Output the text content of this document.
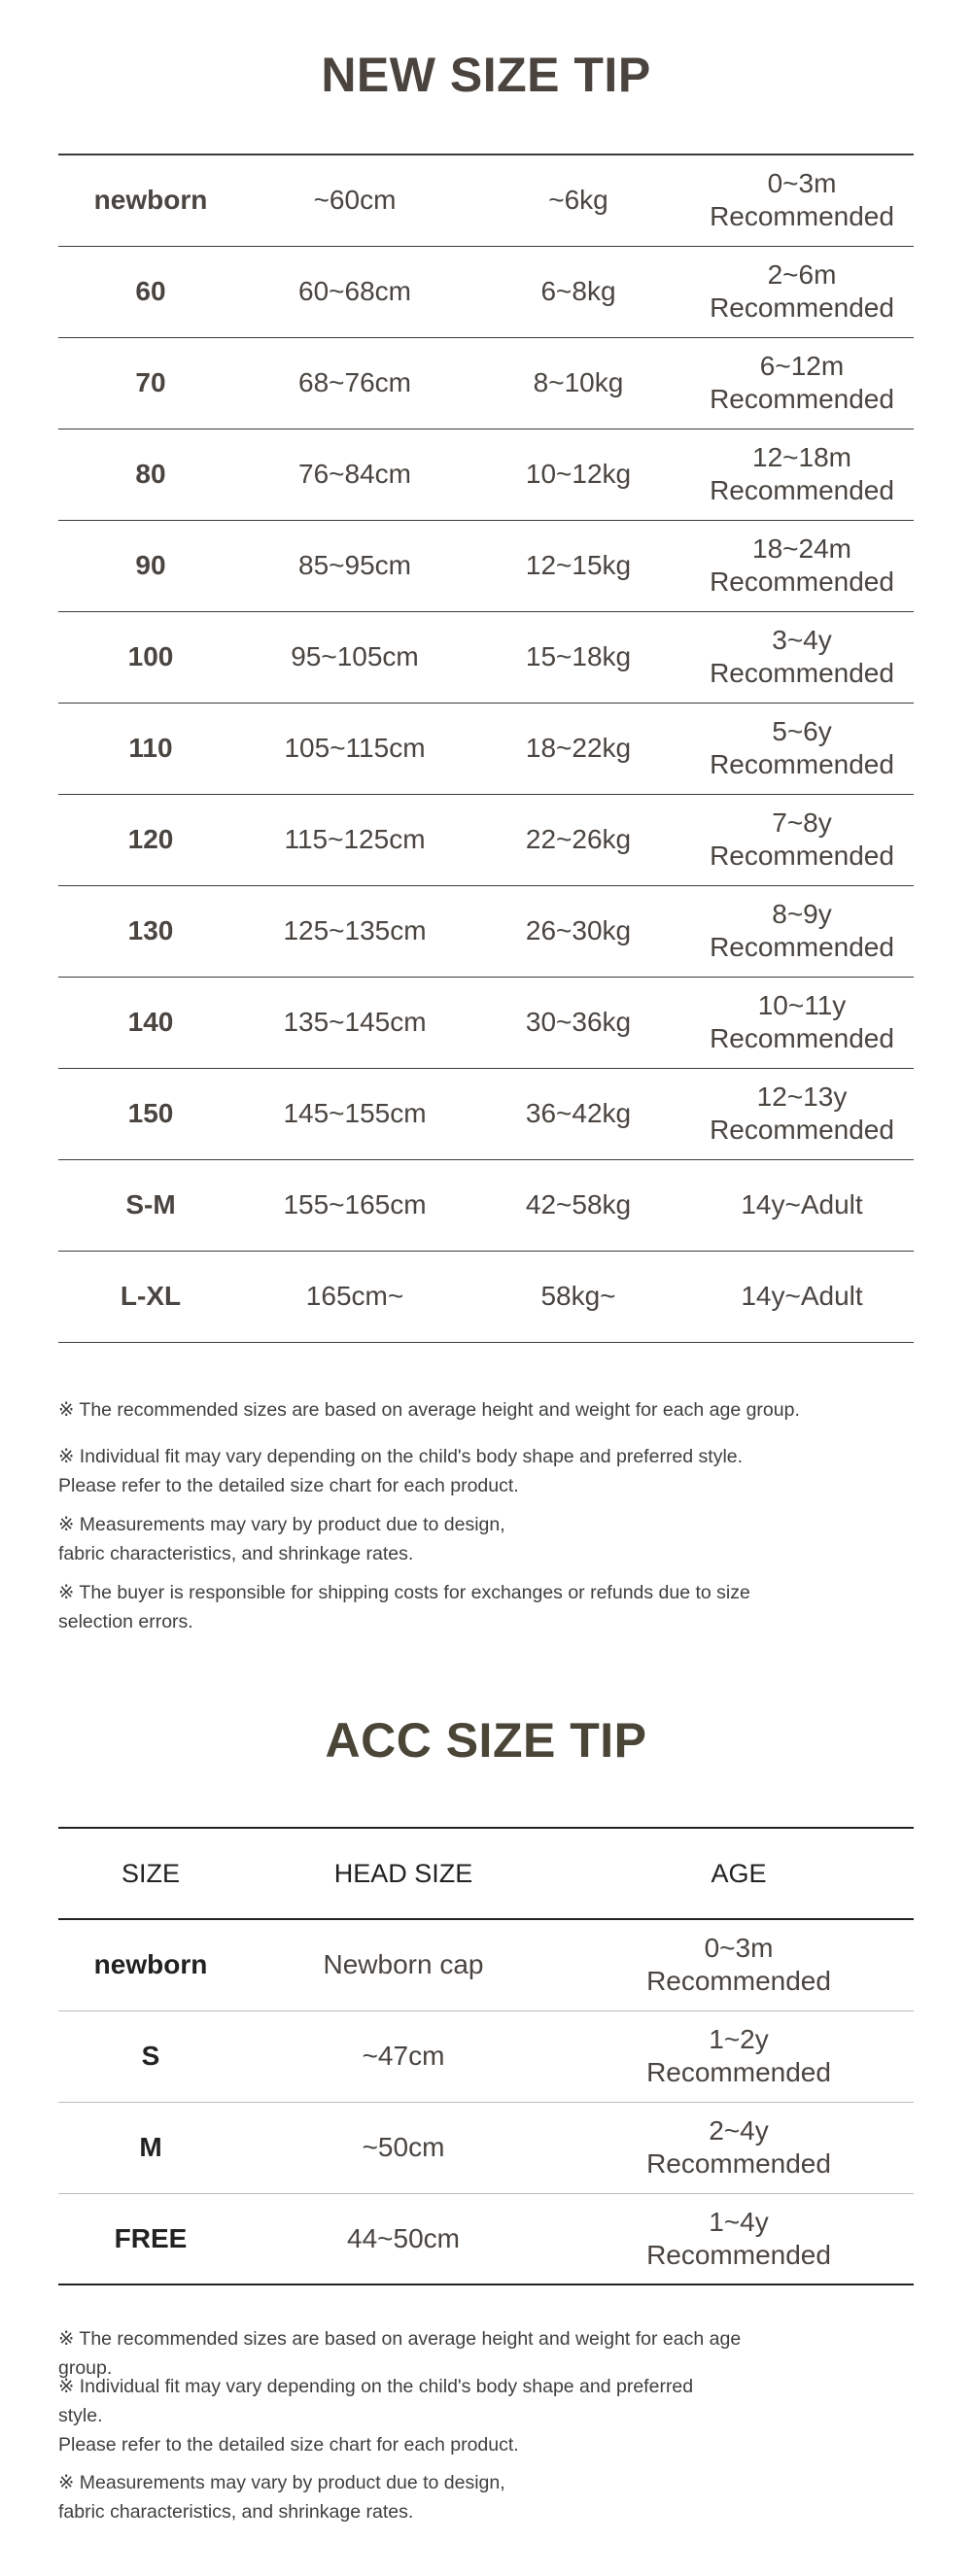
NEW SIZE TIP
newborn	~60cm	~6kg	0~3m
Recommended

60	60~68cm	6~8kg	2~6m
Recommended

70	68~76cm	8~10kg	6~12m
Recommended

80	76~84cm	10~12kg	12~18m
Recommended

90	85~95cm	12~15kg	18~24m
Recommended

100	95~105cm	15~18kg	3~4y
Recommended

110	105~115cm	18~22kg	5~6y
Recommended

120	115~125cm	22~26kg	7~8y
Recommended

130	125~135cm	26~30kg	8~9y
Recommended

140	135~145cm	30~36kg	10~11y
Recommended

150	145~155cm	36~42kg	12~13y
Recommended

S-M	155~165cm	42~58kg	14y~Adult

L-XL	165cm~	58kg~	14y~Adult
※ The recommended sizes are based on average height and weight for each age group.
※ Individual fit may vary depending on the child's body shape and preferred style.
Please refer to the detailed size chart for each product.
※ Measurements may vary by product due to design,
fabric characteristics, and shrinkage rates.
※ The buyer is responsible for shipping costs for exchanges or refunds due to size
selection errors.
ACC SIZE TIP
SIZE	HEAD SIZE	AGE
newborn	Newborn cap	0~3m
Recommended

S	~47cm	1~2y
Recommended

M	~50cm	2~4y
Recommended

FREE	44~50cm	1~4y
Recommended
※ The recommended sizes are based on average height and weight for each age
group.
※ Individual fit may vary depending on the child's body shape and preferred
style.
Please refer to the detailed size chart for each product.
※ Measurements may vary by product due to design,
fabric characteristics, and shrinkage rates.
